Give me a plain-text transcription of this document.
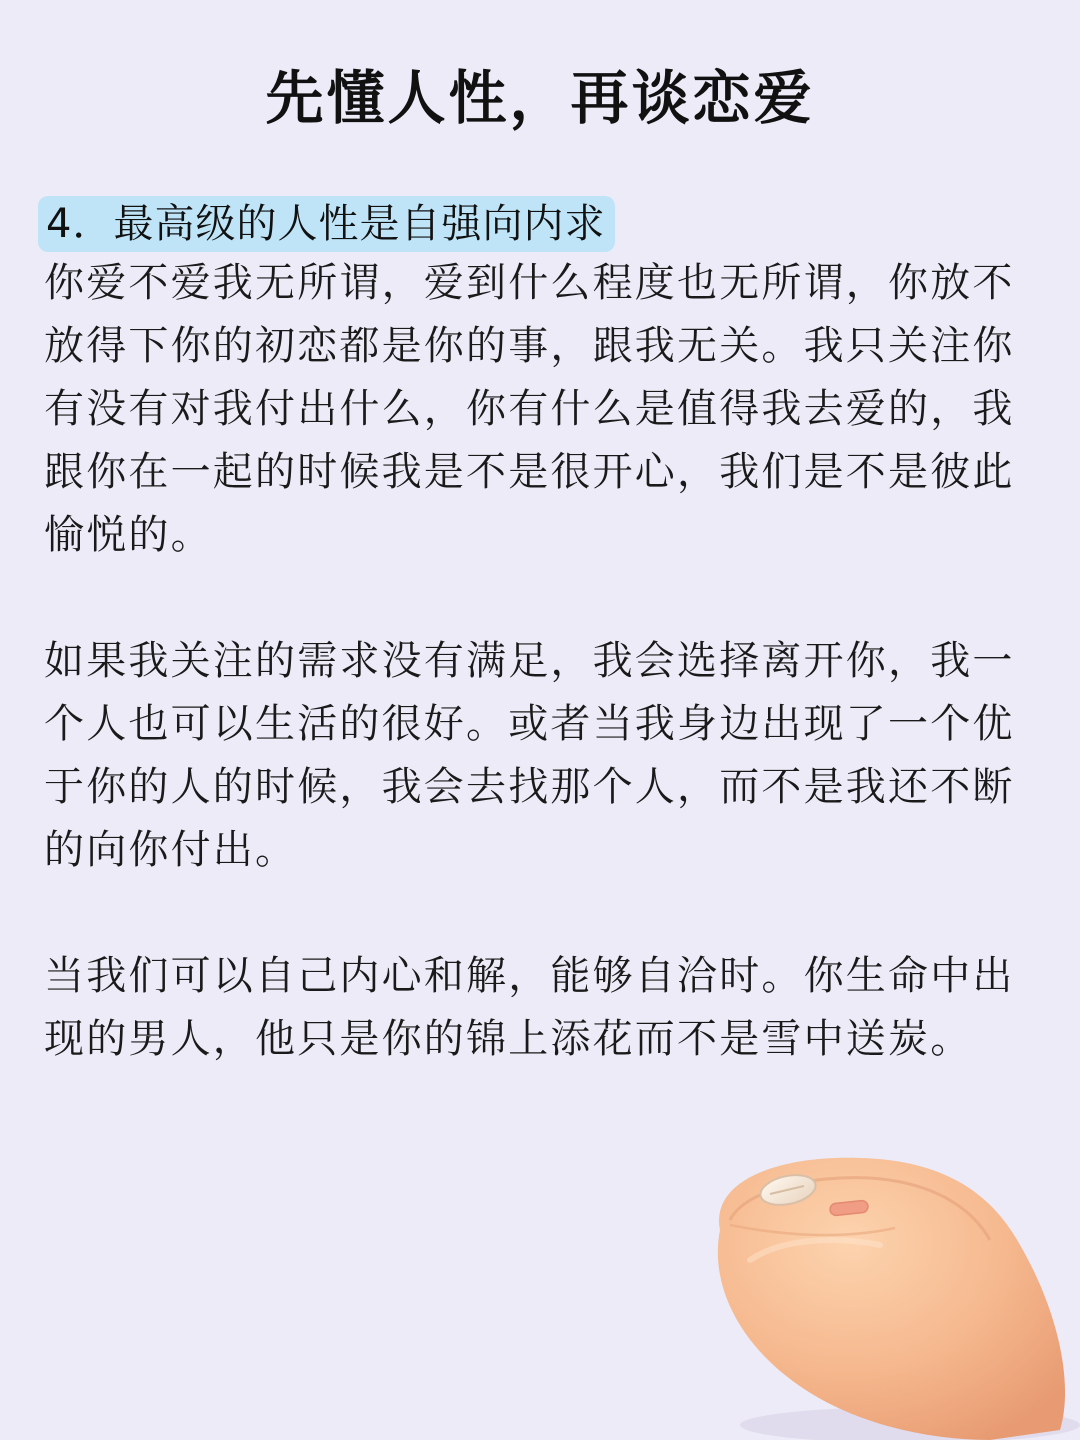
先懂人性，再谈恋爱
4．最高级的人性是自强向内求

你爱不爱我无所谓，爱到什么程度也无所谓，你放不放得下你的初恋都是你的事，跟我无关。我只关注你有没有对我付出什么，你有什么是值得我去爱的，我跟你在一起的时候我是不是很开心，我们是不是彼此愉悦的。

如果我关注的需求没有满足，我会选择离开你，我一个人也可以生活的很好。或者当我身边出现了一个优于你的人的时候，我会去找那个人，而不是我还不断的向你付出。

当我们可以自己内心和解，能够自洽时。你生命中出现的男人，他只是你的锦上添花而不是雪中送炭。
